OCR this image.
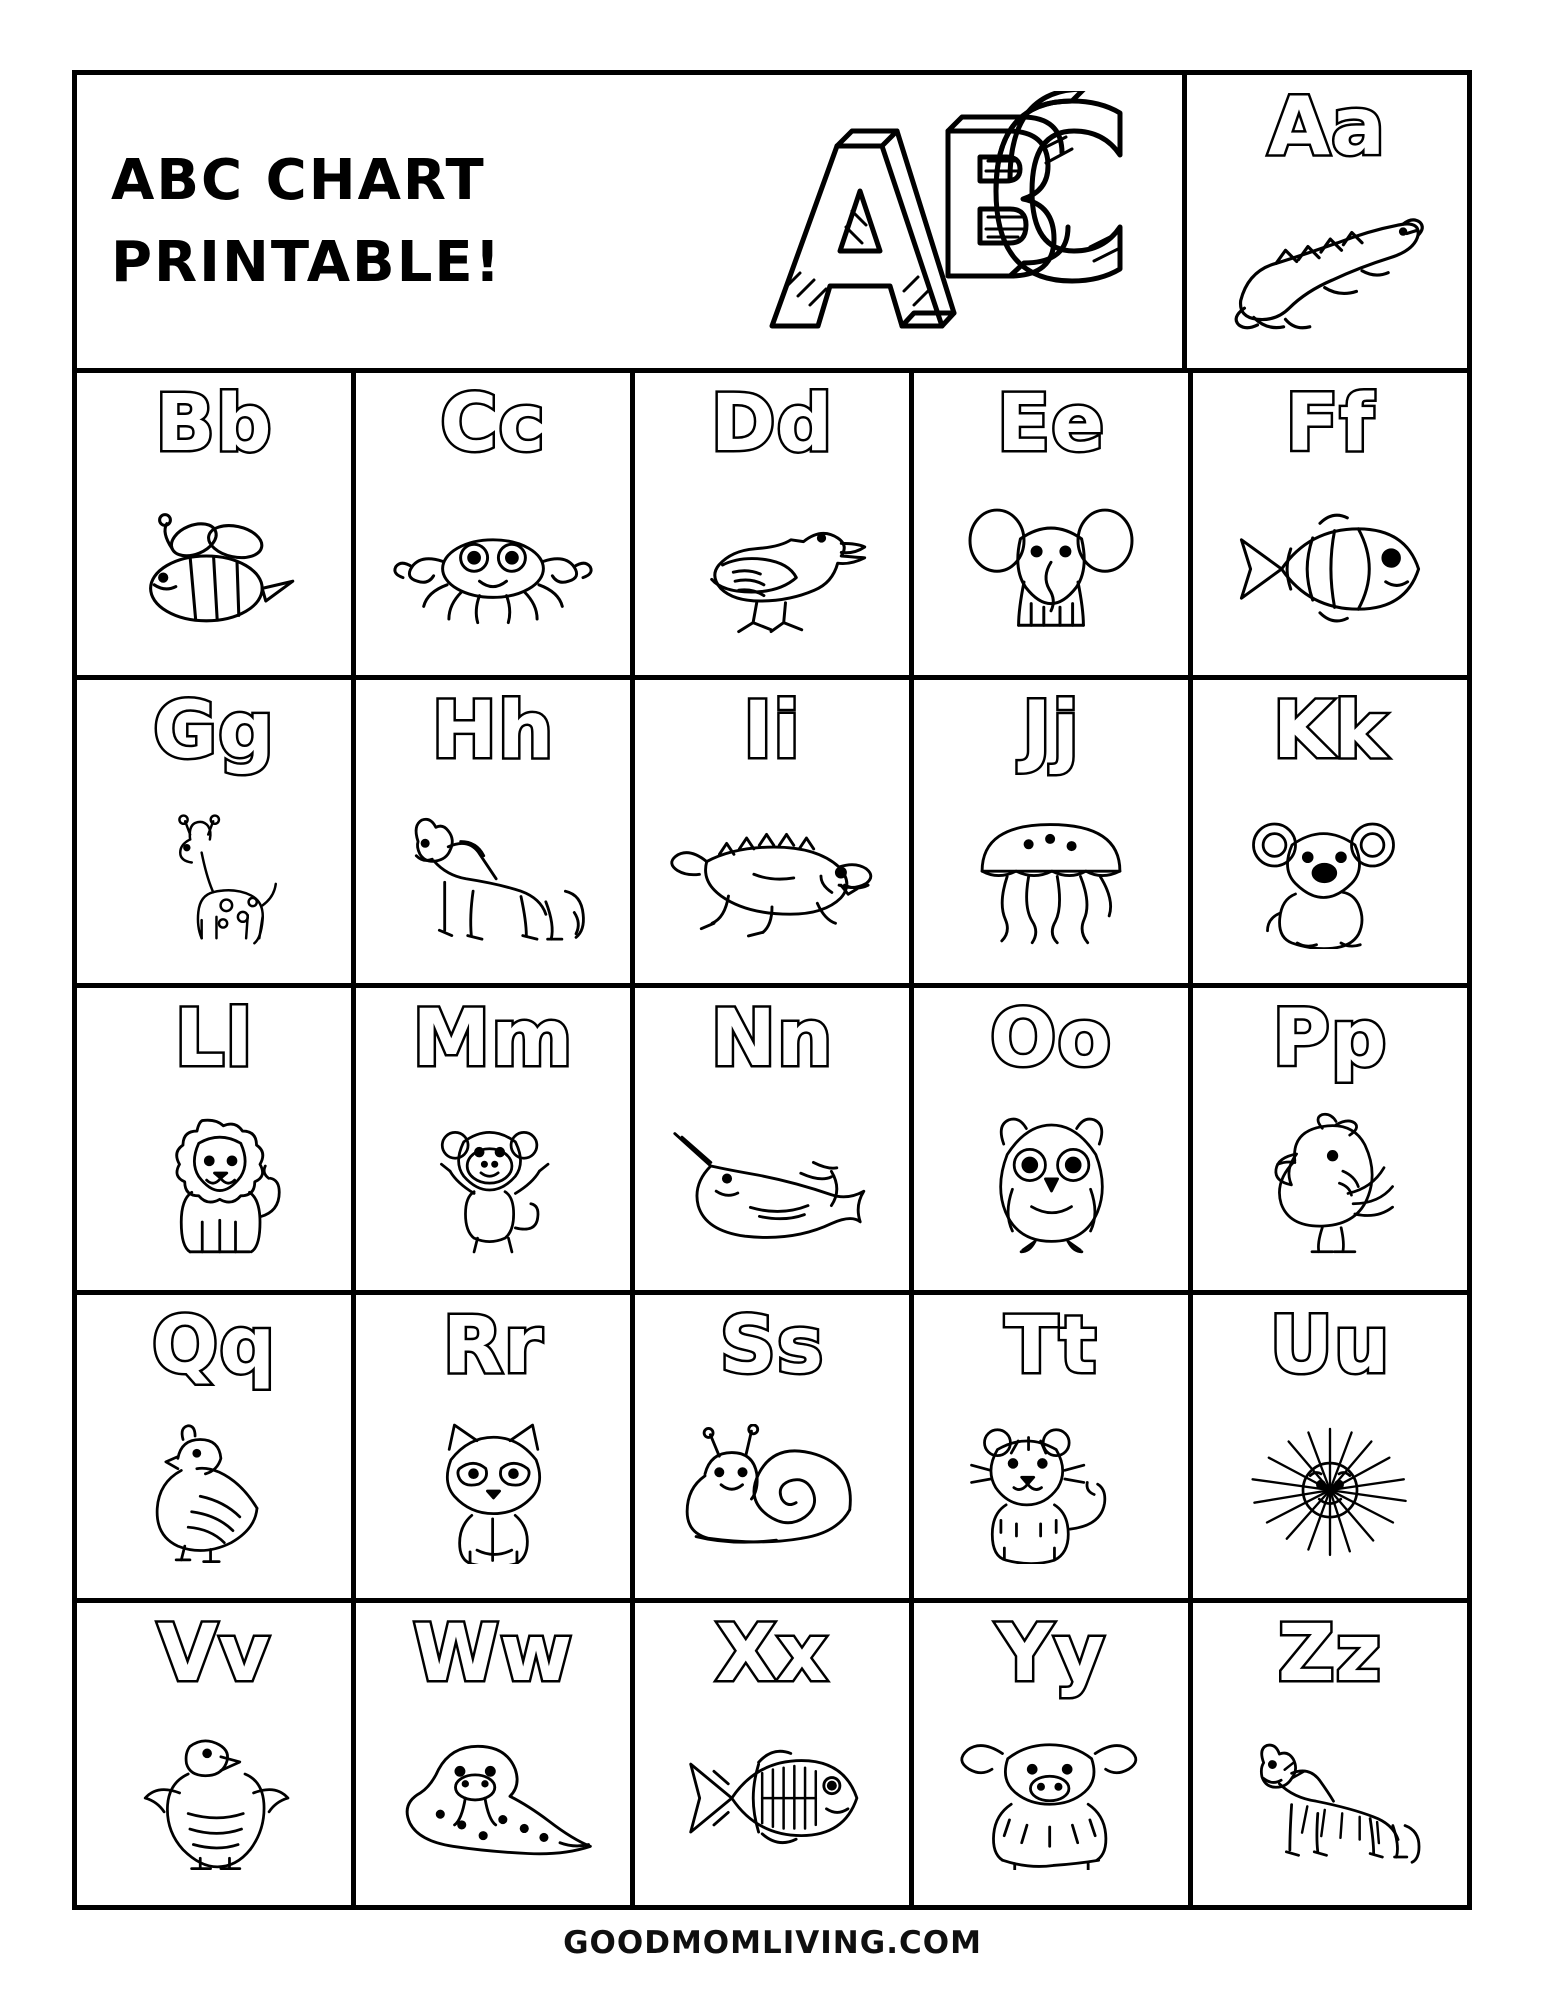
ABC CHART
PRINTABLE!
Aa
Bb Cc Dd Ee Ff
Gg Hh Ii	Jj Kk
Ll Mm Nn Oo Pp
Qq Rr Ss Tt Uu
Vv Ww Xx Yy Zz
GOODMOMLIVING.COM
